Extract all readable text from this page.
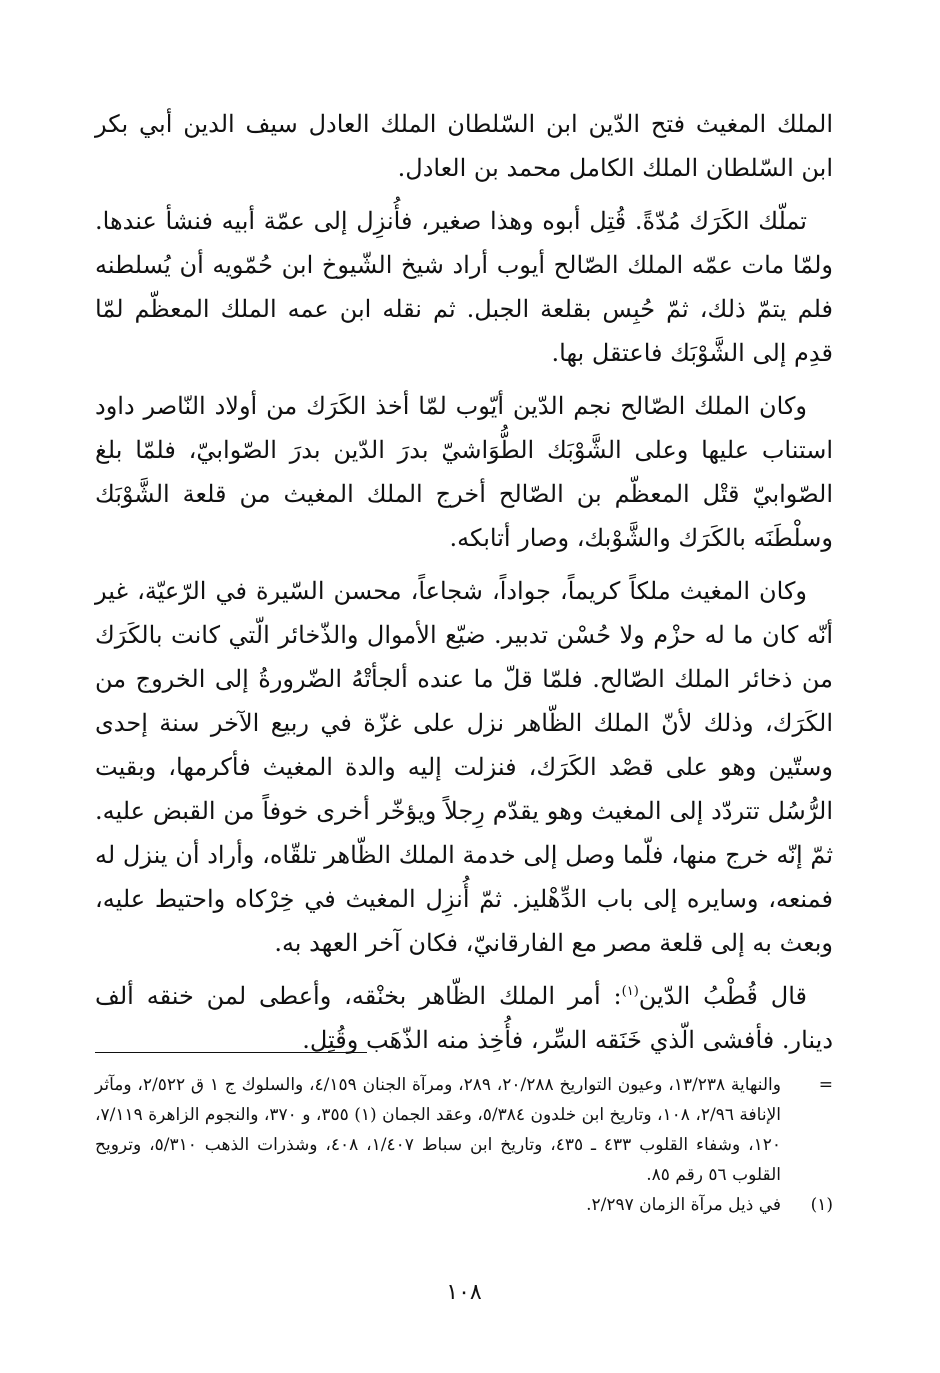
الملك المغيث فتح الدّين ابن السّلطان الملك العادل سيف الدين أبي بكر ابن السّلطان الملك الكامل محمد بن العادل.

تملّك الكَرَك مُدّةً. قُتِل أبوه وهذا صغير، فأُنزِل إلى عمّة أبيه فنشأ عندها. ولمّا مات عمّه الملك الصّالح أيوب أراد شيخ الشّيوخ ابن حُمّويه أن يُسلطنه فلم يتمّ ذلك، ثمّ حُبِس بقلعة الجبل. ثم نقله ابن عمه الملك المعظّم لمّا قدِم إلى الشَّوْبَك فاعتقل بها.

وكان الملك الصّالح نجم الدّين أيّوب لمّا أخذ الكَرَك من أولاد النّاصر داود استناب عليها وعلى الشَّوْبَك الطُّوَاشيّ بدرَ الدّين بدرَ الصّوابيّ، فلمّا بلغ الصّوابيّ قتْل المعظّم بن الصّالح أخرج الملك المغيث من قلعة الشَّوْبَك وسلْطَنَه بالكَرَك والشَّوْبك، وصار أتابكه.

وكان المغيث ملكاً كريماً، جواداً، شجاعاً، محسن السّيرة في الرّعيّة، غير أنّه كان ما له حزْم ولا حُسْن تدبير. ضيّع الأموال والذّخائر الّتي كانت بالكَرَك من ذخائر الملك الصّالح. فلمّا قلّ ما عنده ألجأتْهُ الضّرورةُ إلى الخروج من الكَرَك، وذلك لأنّ الملك الظّاهر نزل على غزّة في ربيع الآخر سنة إحدى وستّين وهو على قصْد الكَرَك، فنزلت إليه والدة المغيث فأكرمها، وبقيت الرُّسُل تتردّد إلى المغيث وهو يقدّم رِجلاً ويؤخّر أخرى خوفاً من القبض عليه. ثمّ إنّه خرج منها، فلّما وصل إلى خدمة الملك الظّاهر تلقّاه، وأراد أن ينزل له فمنعه، وسايره إلى باب الدِّهْليز. ثمّ أُنزِل المغيث في خِرْكاه واحتيط عليه، وبعث به إلى قلعة مصر مع الفارقانيّ، فكان آخر العهد به.

قال قُطْبُ الدّين$^{(١)}$: أمر الملك الظّاهر بخنْقه، وأعطى لمن خنقه ألف دينار. فأفشى الّذي خَنَقه السِّر، فأُخِذ منه الذّهَب وقُتِل.

=
والنهاية ١٣/٢٣٨، وعيون التواريخ ٢٠/٢٨٨، ٢٨٩، ومرآة الجنان ٤/١٥٩، والسلوك ج ١ ق ٢/٥٢٢، ومآثر الإنافة ٢/٩٦، ١٠٨، وتاريخ ابن خلدون ٥/٣٨٤، وعقد الجمان (١) ٣٥٥، و ٣٧٠، والنجوم الزاهرة ٧/١١٩، ١٢٠، وشفاء القلوب ٤٣٣ ـ ٤٣٥، وتاريخ ابن سباط ١/٤٠٧، ٤٠٨، وشذرات الذهب ٥/٣١٠، وترويح القلوب ٥٦ رقم ٨٥.
(١)
في ذيل مرآة الزمان ٢/٢٩٧.
١٠٨
